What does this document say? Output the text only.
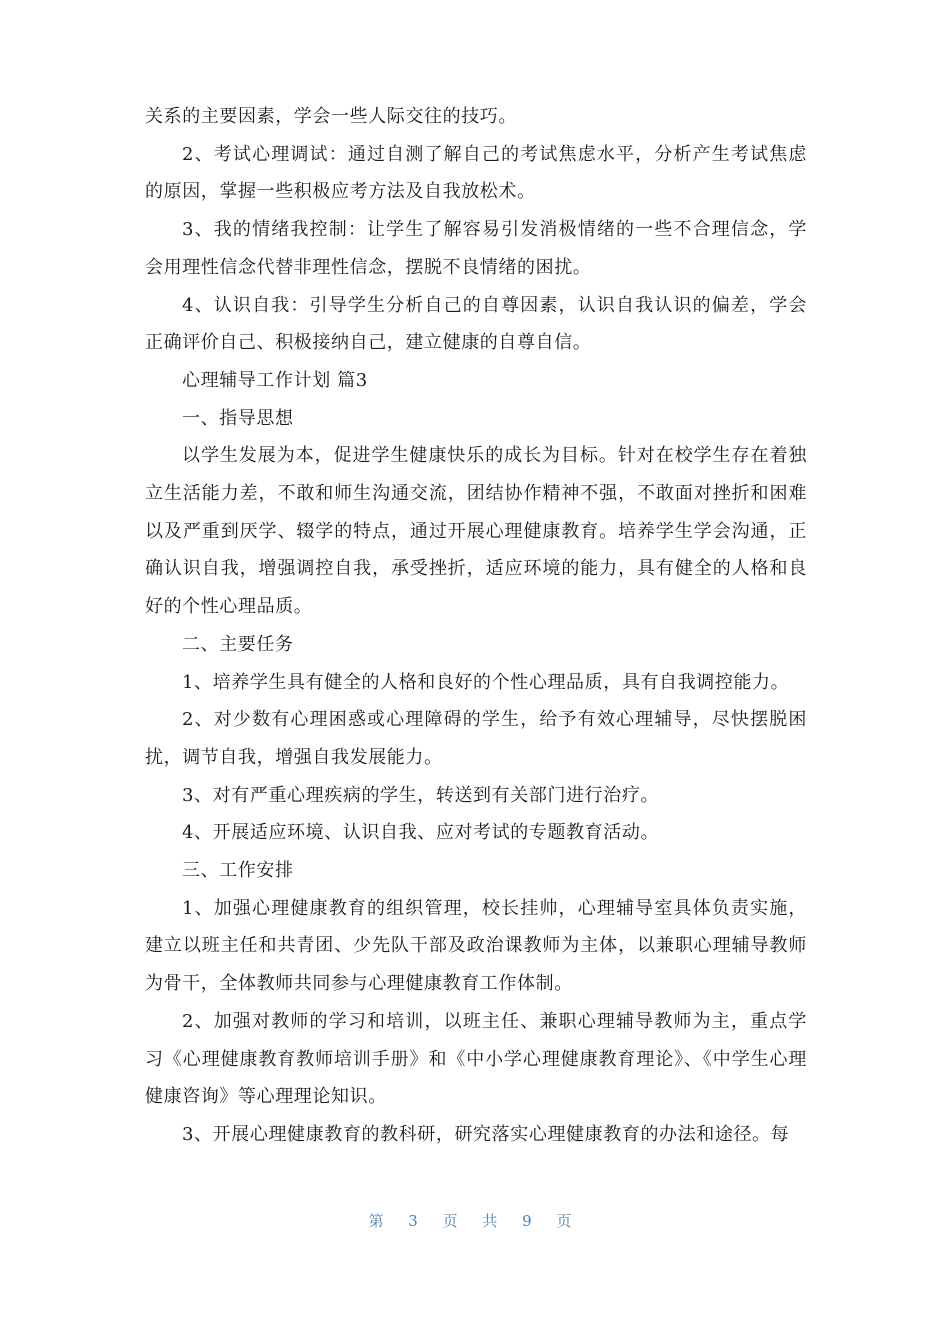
关系的主要因素，学会一些人际交往的技巧。

2、考试心理调试：通过自测了解自己的考试焦虑水平，分析产生考试焦虑的原因，掌握一些积极应考方法及自我放松术。

3、我的情绪我控制：让学生了解容易引发消极情绪的一些不合理信念，学会用理性信念代替非理性信念，摆脱不良情绪的困扰。

4、认识自我：引导学生分析自己的自尊因素，认识自我认识的偏差，学会正确评价自己、积极接纳自己，建立健康的自尊自信。

心理辅导工作计划 篇3

一、指导思想

以学生发展为本，促进学生健康快乐的成长为目标。针对在校学生存在着独立生活能力差，不敢和师生沟通交流，团结协作精神不强，不敢面对挫折和困难以及严重到厌学、辍学的特点，通过开展心理健康教育。培养学生学会沟通，正确认识自我，增强调控自我，承受挫折，适应环境的能力，具有健全的人格和良好的个性心理品质。

二、主要任务

1、培养学生具有健全的人格和良好的个性心理品质，具有自我调控能力。

2、对少数有心理困惑或心理障碍的学生，给予有效心理辅导，尽快摆脱困扰，调节自我，增强自我发展能力。

3、对有严重心理疾病的学生，转送到有关部门进行治疗。

4、开展适应环境、认识自我、应对考试的专题教育活动。

三、工作安排

1、加强心理健康教育的组织管理，校长挂帅，心理辅导室具体负责实施，建立以班主任和共青团、少先队干部及政治课教师为主体，以兼职心理辅导教师为骨干，全体教师共同参与心理健康教育工作体制。

2、加强对教师的学习和培训，以班主任、兼职心理辅导教师为主，重点学习《心理健康教育教师培训手册》和《中小学心理健康教育理论》、《中学生心理健康咨询》等心理理论知识。

3、开展心理健康教育的教科研，研究落实心理健康教育的办法和途径。每

第 3 页 共 9 页
